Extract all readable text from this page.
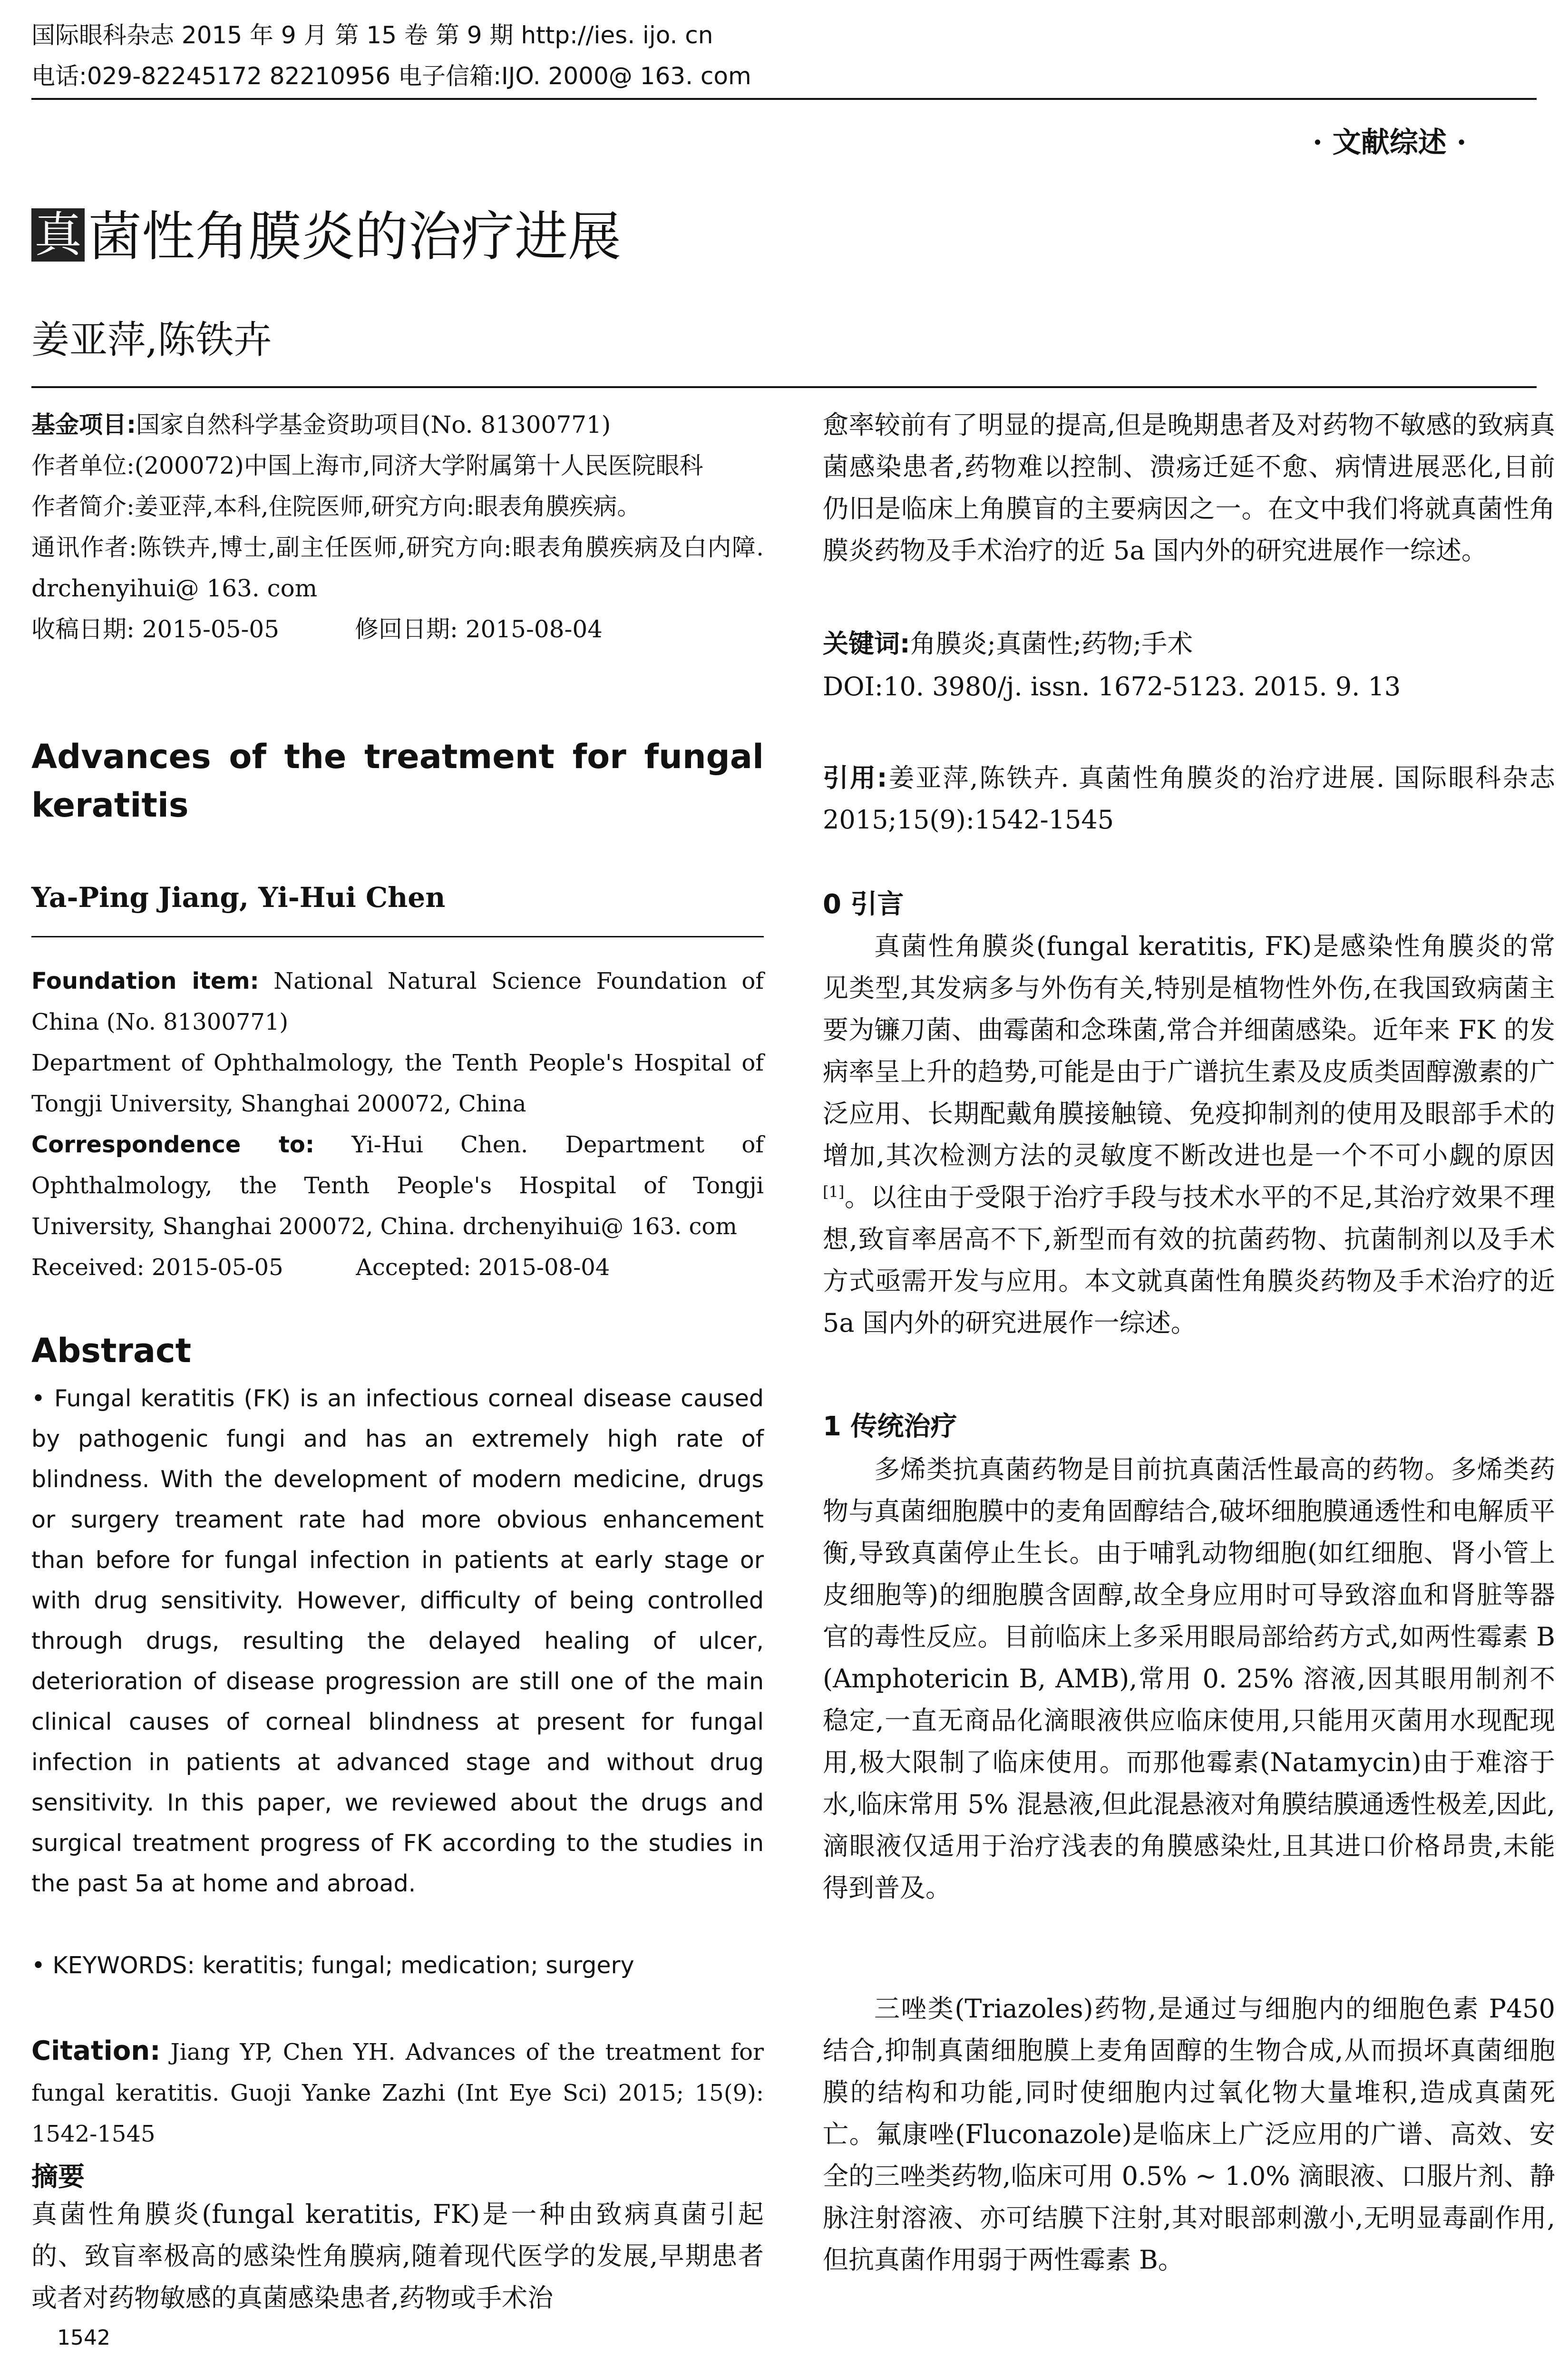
国际眼科杂志 2015 年 9 月 第 15 卷 第 9 期 http://ies. ijo. cn
电话:029-82245172 82210956 电子信箱:IJO. 2000@ 163. com
· 文献综述 ·
真 菌性角膜炎的治疗进展
姜亚萍,陈铁卉
基金项目:国家自然科学基金资助项目(No. 81300771)
作者单位:(200072)中国上海市,同济大学附属第十人民医院眼科
作者简介:姜亚萍,本科,住院医师,研究方向:眼表角膜疾病。
通讯作者:陈铁卉,博士,副主任医师,研究方向:眼表角膜疾病及白内障. drchenyihui@ 163. com
收稿日期: 2015-05-05          修回日期: 2015-08-04
Advances of the treatment for fungal keratitis
Ya-Ping Jiang, Yi-Hui Chen
Foundation item: National Natural Science Foundation of China (No. 81300771)
Department of Ophthalmology, the Tenth People's Hospital of Tongji University, Shanghai 200072, China
Correspondence to: Yi-Hui Chen. Department of Ophthalmology, the Tenth People's Hospital of Tongji University, Shanghai 200072, China. drchenyihui@ 163. com
Received: 2015-05-05          Accepted: 2015-08-04
Abstract
• Fungal keratitis (FK) is an infectious corneal disease caused by pathogenic fungi and has an extremely high rate of blindness. With the development of modern medicine, drugs or surgery treament rate had more obvious enhancement than before for fungal infection in patients at early stage or with drug sensitivity. However, difficulty of being controlled through drugs, resulting the delayed healing of ulcer, deterioration of disease progression are still one of the main clinical causes of corneal blindness at present for fungal infection in patients at advanced stage and without drug sensitivity. In this paper, we reviewed about the drugs and surgical treatment progress of FK according to the studies in the past 5a at home and abroad.
• KEYWORDS: keratitis; fungal; medication; surgery
Citation: Jiang YP, Chen YH. Advances of the treatment for fungal keratitis. Guoji Yanke Zazhi (Int Eye Sci) 2015; 15(9): 1542-1545
摘要
真菌性角膜炎(fungal keratitis, FK)是一种由致病真菌引起的、致盲率极高的感染性角膜病,随着现代医学的发展,早期患者或者对药物敏感的真菌感染患者,药物或手术治
1542
愈率较前有了明显的提高,但是晚期患者及对药物不敏感的致病真菌感染患者,药物难以控制、溃疡迁延不愈、病情进展恶化,目前仍旧是临床上角膜盲的主要病因之一。在文中我们将就真菌性角膜炎药物及手术治疗的近 5a 国内外的研究进展作一综述。
关键词:角膜炎;真菌性;药物;手术
DOI:10. 3980/j. issn. 1672-5123. 2015. 9. 13
引用:姜亚萍,陈铁卉. 真菌性角膜炎的治疗进展. 国际眼科杂志 2015;15(9):1542-1545
0 引言
真菌性角膜炎(fungal keratitis, FK)是感染性角膜炎的常见类型,其发病多与外伤有关,特别是植物性外伤,在我国致病菌主要为镰刀菌、曲霉菌和念珠菌,常合并细菌感染。近年来 FK 的发病率呈上升的趋势,可能是由于广谱抗生素及皮质类固醇激素的广泛应用、长期配戴角膜接触镜、免疫抑制剂的使用及眼部手术的增加,其次检测方法的灵敏度不断改进也是一个不可小觑的原因[1]。以往由于受限于治疗手段与技术水平的不足,其治疗效果不理想,致盲率居高不下,新型而有效的抗菌药物、抗菌制剂以及手术方式亟需开发与应用。本文就真菌性角膜炎药物及手术治疗的近 5a 国内外的研究进展作一综述。
1 传统治疗
多烯类抗真菌药物是目前抗真菌活性最高的药物。多烯类药物与真菌细胞膜中的麦角固醇结合,破坏细胞膜通透性和电解质平衡,导致真菌停止生长。由于哺乳动物细胞(如红细胞、肾小管上皮细胞等)的细胞膜含固醇,故全身应用时可导致溶血和肾脏等器官的毒性反应。目前临床上多采用眼局部给药方式,如两性霉素 B (Amphotericin B, AMB),常用 0. 25% 溶液,因其眼用制剂不稳定,一直无商品化滴眼液供应临床使用,只能用灭菌用水现配现用,极大限制了临床使用。而那他霉素(Natamycin)由于难溶于水,临床常用 5% 混悬液,但此混悬液对角膜结膜通透性极差,因此,滴眼液仅适用于治疗浅表的角膜感染灶,且其进口价格昂贵,未能得到普及。
三唑类(Triazoles)药物,是通过与细胞内的细胞色素 P450 结合,抑制真菌细胞膜上麦角固醇的生物合成,从而损坏真菌细胞膜的结构和功能,同时使细胞内过氧化物大量堆积,造成真菌死亡。氟康唑(Fluconazole)是临床上广泛应用的广谱、高效、安全的三唑类药物,临床可用 0.5% ~ 1.0% 滴眼液、口服片剂、静脉注射溶液、亦可结膜下注射,其对眼部刺激小,无明显毒副作用,但抗真菌作用弱于两性霉素 B。
